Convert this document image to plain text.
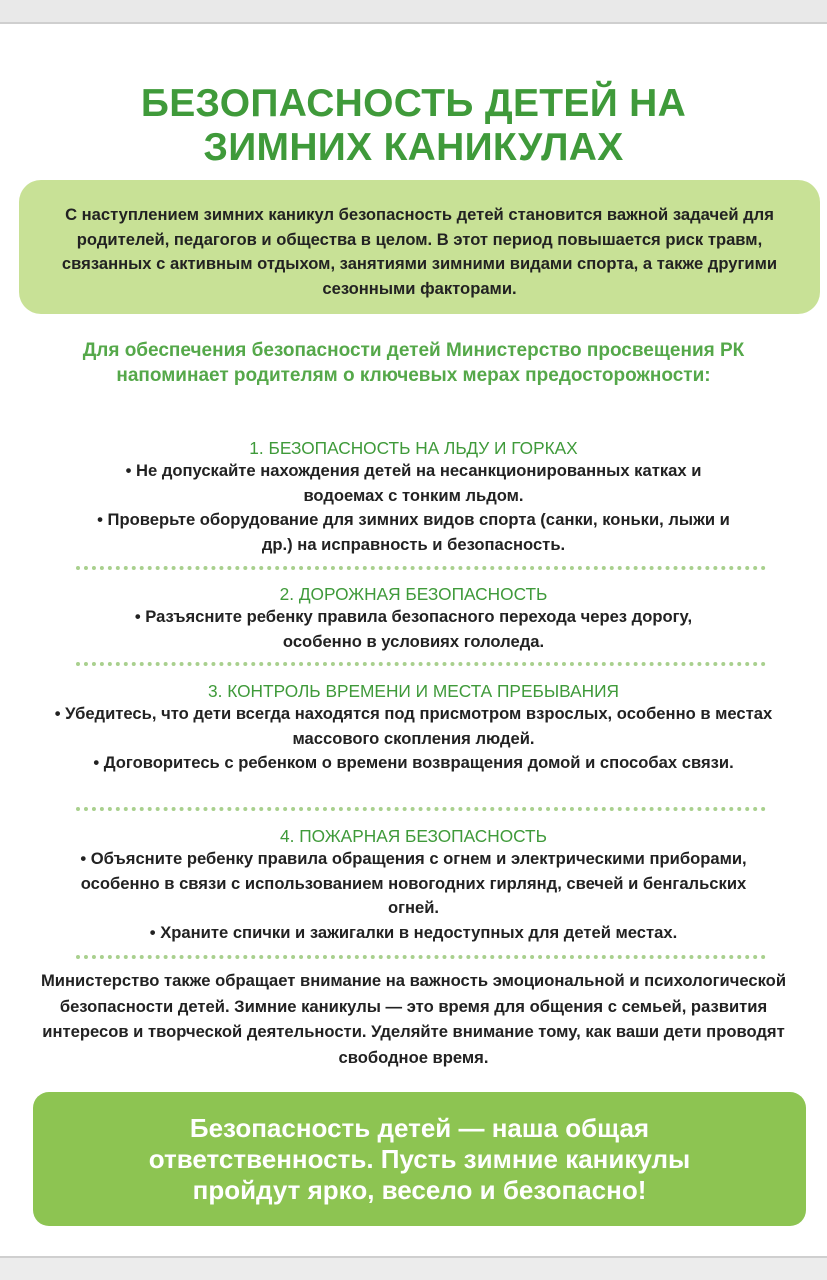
БЕЗОПАСНОСТЬ ДЕТЕЙ НА ЗИМНИХ КАНИКУЛАХ
С наступлением зимних каникул безопасность детей становится важной задачей для родителей, педагогов и общества в целом. В этот период повышается риск травм, связанных с активным отдыхом, занятиями зимними видами спорта, а также другими сезонными факторами.

Для обеспечения безопасности детей Министерство просвещения РК напоминает родителям о ключевых мерах предосторожности:

1. БЕЗОПАСНОСТЬ НА ЛЬДУ И ГОРКАХ

• Не допускайте нахождения детей на несанкционированных катках и водоемах с тонким льдом.

• Проверьте оборудование для зимних видов спорта (санки, коньки, лыжи и др.) на исправность и безопасность.

2. ДОРОЖНАЯ БЕЗОПАСНОСТЬ

• Разъясните ребенку правила безопасного перехода через дорогу, особенно в условиях гололеда.

3. КОНТРОЛЬ ВРЕМЕНИ И МЕСТА ПРЕБЫВАНИЯ

• Убедитесь, что дети всегда находятся под присмотром взрослых, особенно в местах массового скопления людей.

• Договоритесь с ребенком о времени возвращения домой и способах связи.

4. ПОЖАРНАЯ БЕЗОПАСНОСТЬ

• Объясните ребенку правила обращения с огнем и электрическими приборами, особенно в связи с использованием новогодних гирлянд, свечей и бенгальских огней.

• Храните спички и зажигалки в недоступных для детей местах.

Министерство также обращает внимание на важность эмоциональной и психологической безопасности детей. Зимние каникулы — это время для общения с семьей, развития интересов и творческой деятельности. Уделяйте внимание тому, как ваши дети проводят свободное время.
Безопасность детей — наша общая ответственность. Пусть зимние каникулы пройдут ярко, весело и безопасно!
